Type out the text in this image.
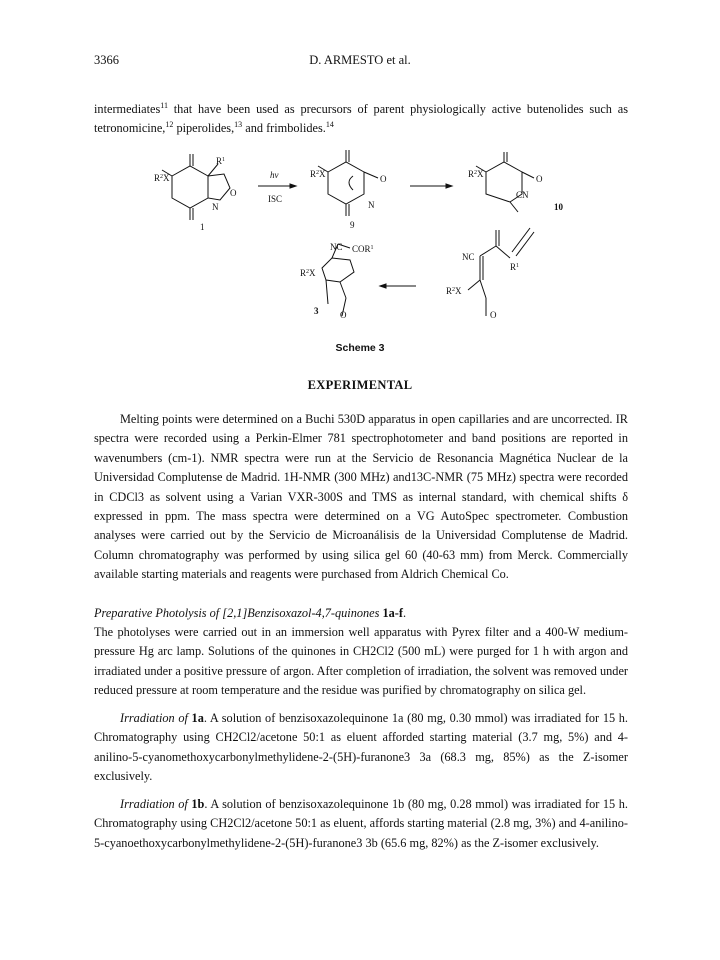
3366	D. ARMESTO et al.

intermediates$^{11}$ that have been used as precursors of parent physiologically active butenolides such as tetronomicine,$^{12}$ piperolides,$^{13}$ and frimbolides.$^{14}$

$R^2X$
$R^1$
O
N
1
hv
ISC
$R^2X$	O
N
9
$R^2X$	O
CN
10
NC COR$^1$
$R^2X$
3 O
NC
$R^1$
$R^2X$
O
Scheme 3
EXPERIMENTAL

Melting points were determined on a Buchi 530D apparatus in open capillaries and are uncorrected. IR spectra were recorded using a Perkin-Elmer 781 spectrophotometer and band positions are reported in wavenumbers (cm-1). NMR spectra were run at the Servicio de Resonancia Magnética Nuclear de la Universidad Complutense de Madrid. 1H-NMR (300 MHz) and13C-NMR (75 MHz) spectra were recorded in CDCl3 as solvent using a Varian VXR-300S and TMS as internal standard, with chemical shifts δ expressed in ppm. The mass spectra were determined on a VG AutoSpec spectrometer. Combustion analyses were carried out by the Servicio de Microanálisis de la Universidad Complutense de Madrid. Column chromatography was performed by using silica gel 60 (40-63 mm) from Merck. Commercially available starting materials and reagents were purchased from Aldrich Chemical Co.

Preparative Photolysis of [2,1]Benzisoxazol-4,7-quinones 1a-f.

The photolyses were carried out in an immersion well apparatus with Pyrex filter and a 400-W medium-pressure Hg arc lamp. Solutions of the quinones in CH2Cl2 (500 mL) were purged for 1 h with argon and irradiated under a positive pressure of argon. After completion of irradiation, the solvent was removed under reduced pressure at room temperature and the residue was purified by chromatography on silica gel.

Irradiation of 1a. A solution of benzisoxazolequinone 1a (80 mg, 0.30 mmol) was irradiated for 15 h. Chromatography using CH2Cl2/acetone 50:1 as eluent afforded starting material (3.7 mg, 5%) and 4-anilino-5-cyanomethoxycarbonylmethylidene-2-(5H)-furanone3 3a (68.3 mg, 85%) as the Z-isomer exclusively.

Irradiation of 1b. A solution of benzisoxazolequinone 1b (80 mg, 0.28 mmol) was irradiated for 15 h. Chromatography using CH2Cl2/acetone 50:1 as eluent, affords starting material (2.8 mg, 3%) and 4-anilino-5-cyanoethoxycarbonylmethylidene-2-(5H)-furanone3 3b (65.6 mg, 82%) as the Z-isomer exclusively.
